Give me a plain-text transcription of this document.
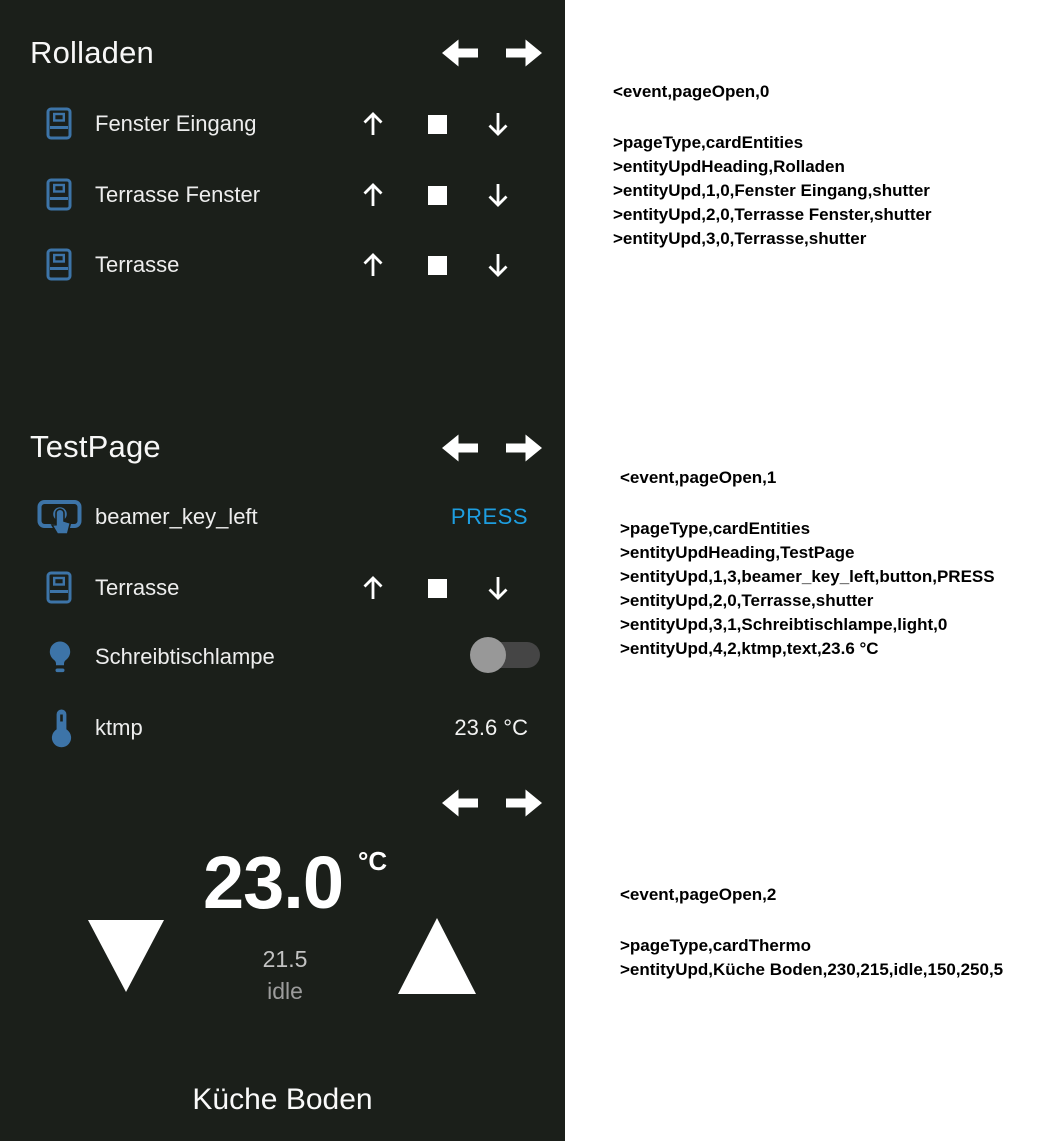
Rolladen
Fenster Eingang
Terrasse Fenster
Terrasse
TestPage
beamer_key_left	PRESS
Terrasse
Schreibtischlampe
ktmp	23.6 °C
23.0 °C
21.5
idle
Küche Boden
<event,pageOpen,0
>pageType,cardEntities
>entityUpdHeading,Rolladen
>entityUpd,1,0,Fenster Eingang,shutter
>entityUpd,2,0,Terrasse Fenster,shutter
>entityUpd,3,0,Terrasse,shutter
<event,pageOpen,1
>pageType,cardEntities
>entityUpdHeading,TestPage
>entityUpd,1,3,beamer_key_left,button,PRESS
>entityUpd,2,0,Terrasse,shutter
>entityUpd,3,1,Schreibtischlampe,light,0
>entityUpd,4,2,ktmp,text,23.6 °C
<event,pageOpen,2
>pageType,cardThermo
>entityUpd,Küche Boden,230,215,idle,150,250,5
